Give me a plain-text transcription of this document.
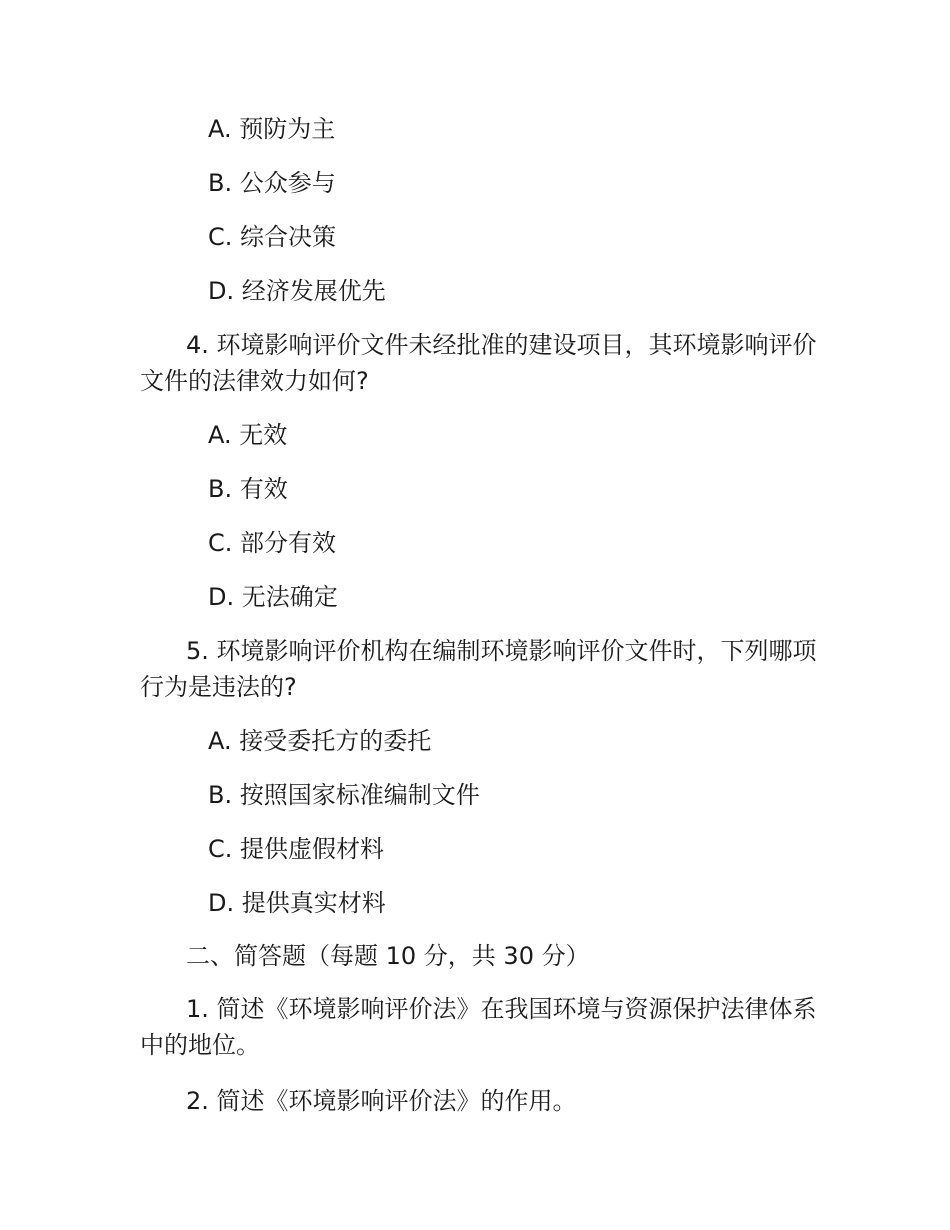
A. 预防为主
B. 公众参与
C. 综合决策
D. 经济发展优先
4. 环境影响评价文件未经批准的建设项目，其环境影响评价文件的法律效力如何?
A. 无效
B. 有效
C. 部分有效
D. 无法确定
5. 环境影响评价机构在编制环境影响评价文件时，下列哪项行为是违法的?
A. 接受委托方的委托
B. 按照国家标准编制文件
C. 提供虚假材料
D. 提供真实材料
二、简答题（每题 10 分，共 30 分）
1. 简述《环境影响评价法》在我国环境与资源保护法律体系中的地位。
2. 简述《环境影响评价法》的作用。
